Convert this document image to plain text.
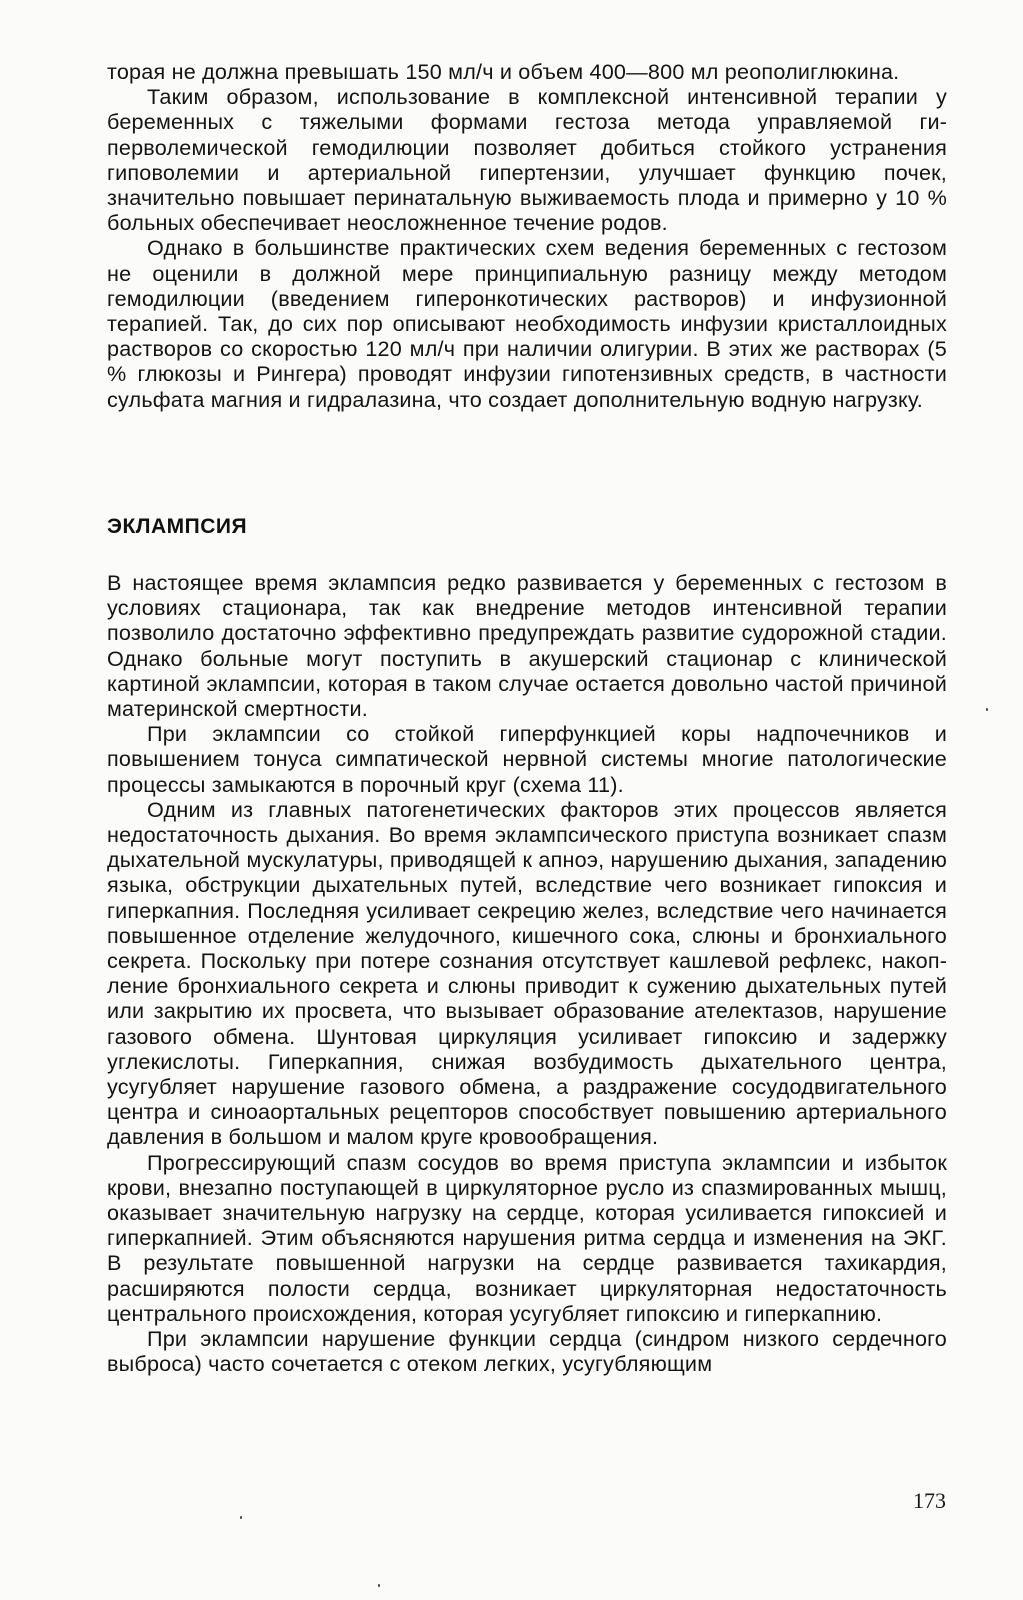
торая не должна превышать 150 мл/ч и объем 400—800 мл реополиглюкина.

Таким образом, использование в комплексной интенсивной терапии у беременных с тяжелыми формами гестоза метода управляемой гиперволемической гемодилюции позволяет добиться стойкого устранения гиповолемии и артериальной гипертензии, улучшает функцию почек, значительно повышает перинатальную выживаемость плода и примерно у 10 % больных обеспечивает неосложненное течение родов.

Однако в большинстве практических схем ведения беременных с гестозом не оценили в должной мере принципиальную разницу между методом гемодилюции (введением гиперонкотических растворов) и инфузионной терапией. Так, до сих пор описывают необходимость инфузии кристаллоидных растворов со скоростью 120 мл/ч при наличии олигурии. В этих же растворах (5 % глюкозы и Рингера) проводят инфузии гипотензивных средств, в частности сульфата магния и гидралазина, что создает дополнительную водную нагрузку.

ЭКЛАМПСИЯ

В настоящее время эклампсия редко развивается у беременных с гестозом в условиях стационара, так как внедрение методов интенсивной терапии позволило достаточно эффективно предупреждать развитие судорожной стадии. Однако больные могут поступить в акушерский стационар с клинической картиной эклампсии, которая в таком случае остается довольно частой причиной материнской смертности.

При эклампсии со стойкой гиперфункцией коры надпочечников и повышением тонуса симпатической нервной системы многие патологические процессы замыкаются в порочный круг (схема 11).

Одним из главных патогенетических факторов этих процессов является недостаточность дыхания. Во время эклампсического приступа возникает спазм дыхательной мускулатуры, приводящей к апноэ, нарушению дыхания, западению языка, обструкции дыхательных путей, вследствие чего возникает гипоксия и гиперкапния. Последняя усиливает секрецию желез, вследствие чего начинается повышенное отделение желудочного, кишечного сока, слюны и бронхиального секрета. Поскольку при потере сознания отсутствует кашлевой рефлекс, накопление бронхиального секрета и слюны приводит к сужению дыхательных путей или закрытию их просвета, что вызывает образование ателектазов, нарушение газового обмена. Шунтовая циркуляция усиливает гипоксию и задержку углекислоты. Гиперкапния, снижая возбудимость дыхательного центра, усугубляет нарушение газового обмена, а раздражение сосудодвигательного центра и синоаортальных рецепторов способствует повышению артериального давления в большом и малом круге кровообращения.

Прогрессирующий спазм сосудов во время приступа эклампсии и избыток крови, внезапно поступающей в циркуляторное русло из спазмированных мышц, оказывает значительную нагрузку на сердце, которая усиливается гипоксией и гиперкапнией. Этим объясняются нарушения ритма сердца и изменения на ЭКГ. В результате повышенной нагрузки на сердце развивается тахикардия, расширяются полости сердца, возникает циркуляторная недостаточность центрального происхождения, которая усугубляет гипоксию и гиперкапнию.

При эклампсии нарушение функции сердца (синдром низкого сердечного выброса) часто сочетается с отеком легких, усугубляющим

173
